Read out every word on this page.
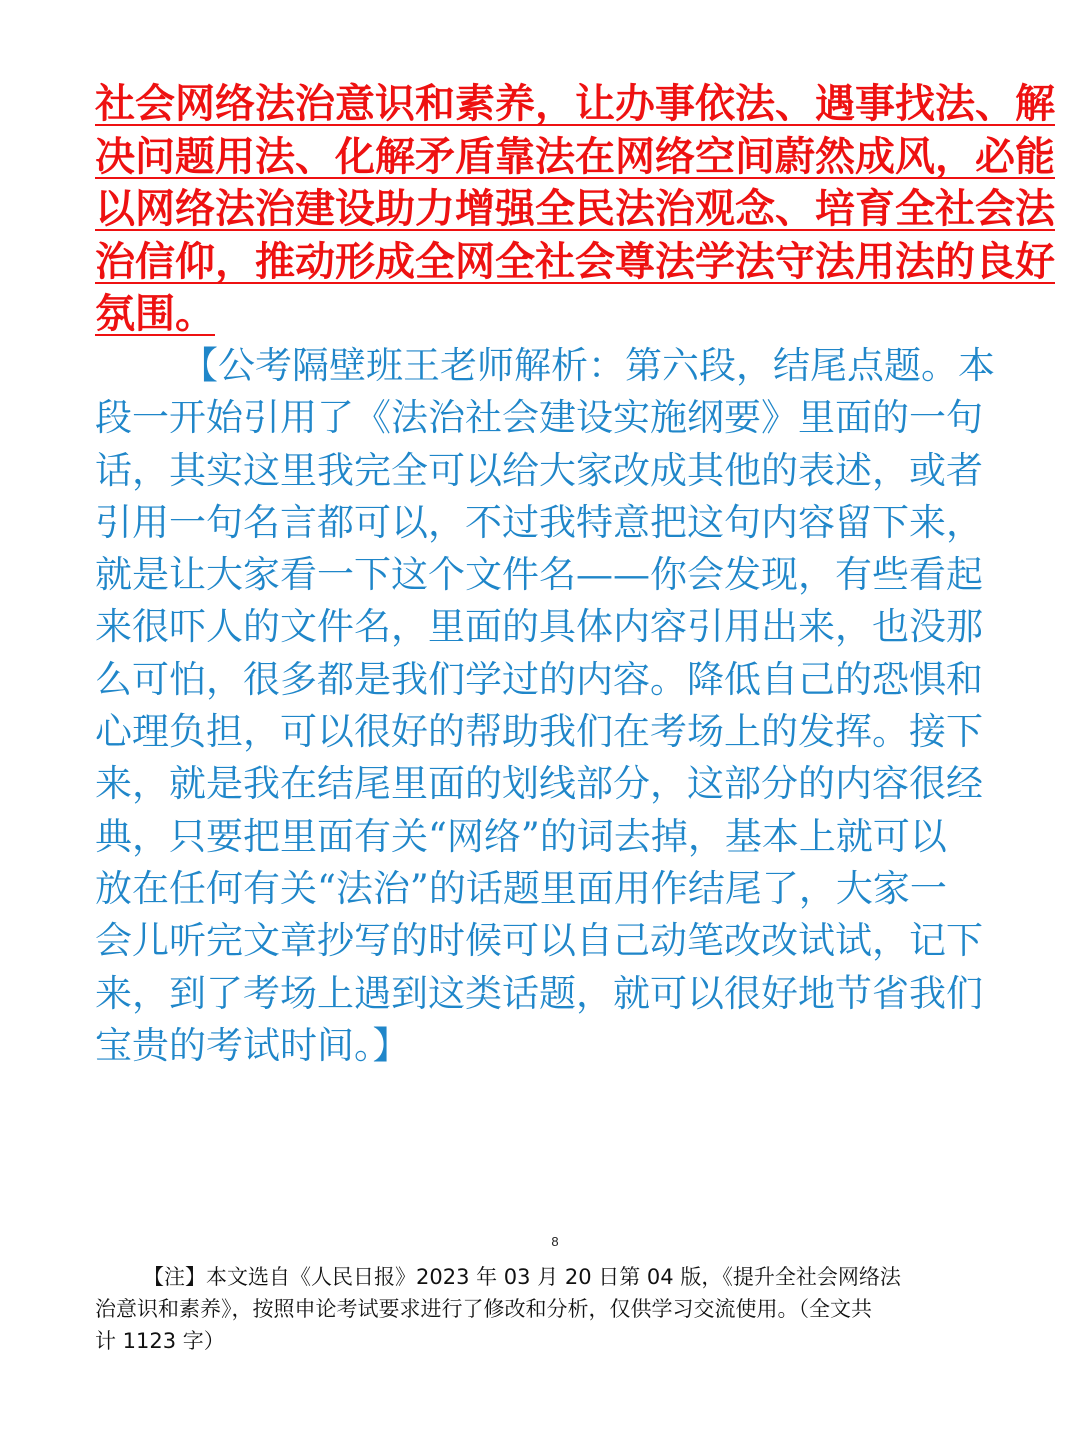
社会网络法治意识和素养，让办事依法、遇事找法、解
决问题用法、化解矛盾靠法在网络空间蔚然成风，必能
以网络法治建设助力增强全民法治观念、培育全社会法
治信仰，推动形成全网全社会尊法学法守法用法的良好
氛围。
【公考隔壁班王老师解析：第六段，结尾点题。本
段一开始引用了《法治社会建设实施纲要》里面的一句
话，其实这里我完全可以给大家改成其他的表述，或者
引用一句名言都可以，不过我特意把这句内容留下来，
就是让大家看一下这个文件名——你会发现，有些看起
来很吓人的文件名，里面的具体内容引用出来，也没那
么可怕，很多都是我们学过的内容。降低自己的恐惧和
心理负担，可以很好的帮助我们在考场上的发挥。接下
来，就是我在结尾里面的划线部分，这部分的内容很经
典，只要把里面有关“网络”的词去掉，基本上就可以
放在任何有关“法治”的话题里面用作结尾了，大家一
会儿听完文章抄写的时候可以自己动笔改改试试，记下
来，到了考场上遇到这类话题，就可以很好地节省我们
宝贵的考试时间。】
8
【注】本文选自《人民日报》2023 年 03 月 20 日第 04 版，《提升全社会网络法
治意识和素养》，按照申论考试要求进行了修改和分析，仅供学习交流使用。（全文共
计 1123 字）
